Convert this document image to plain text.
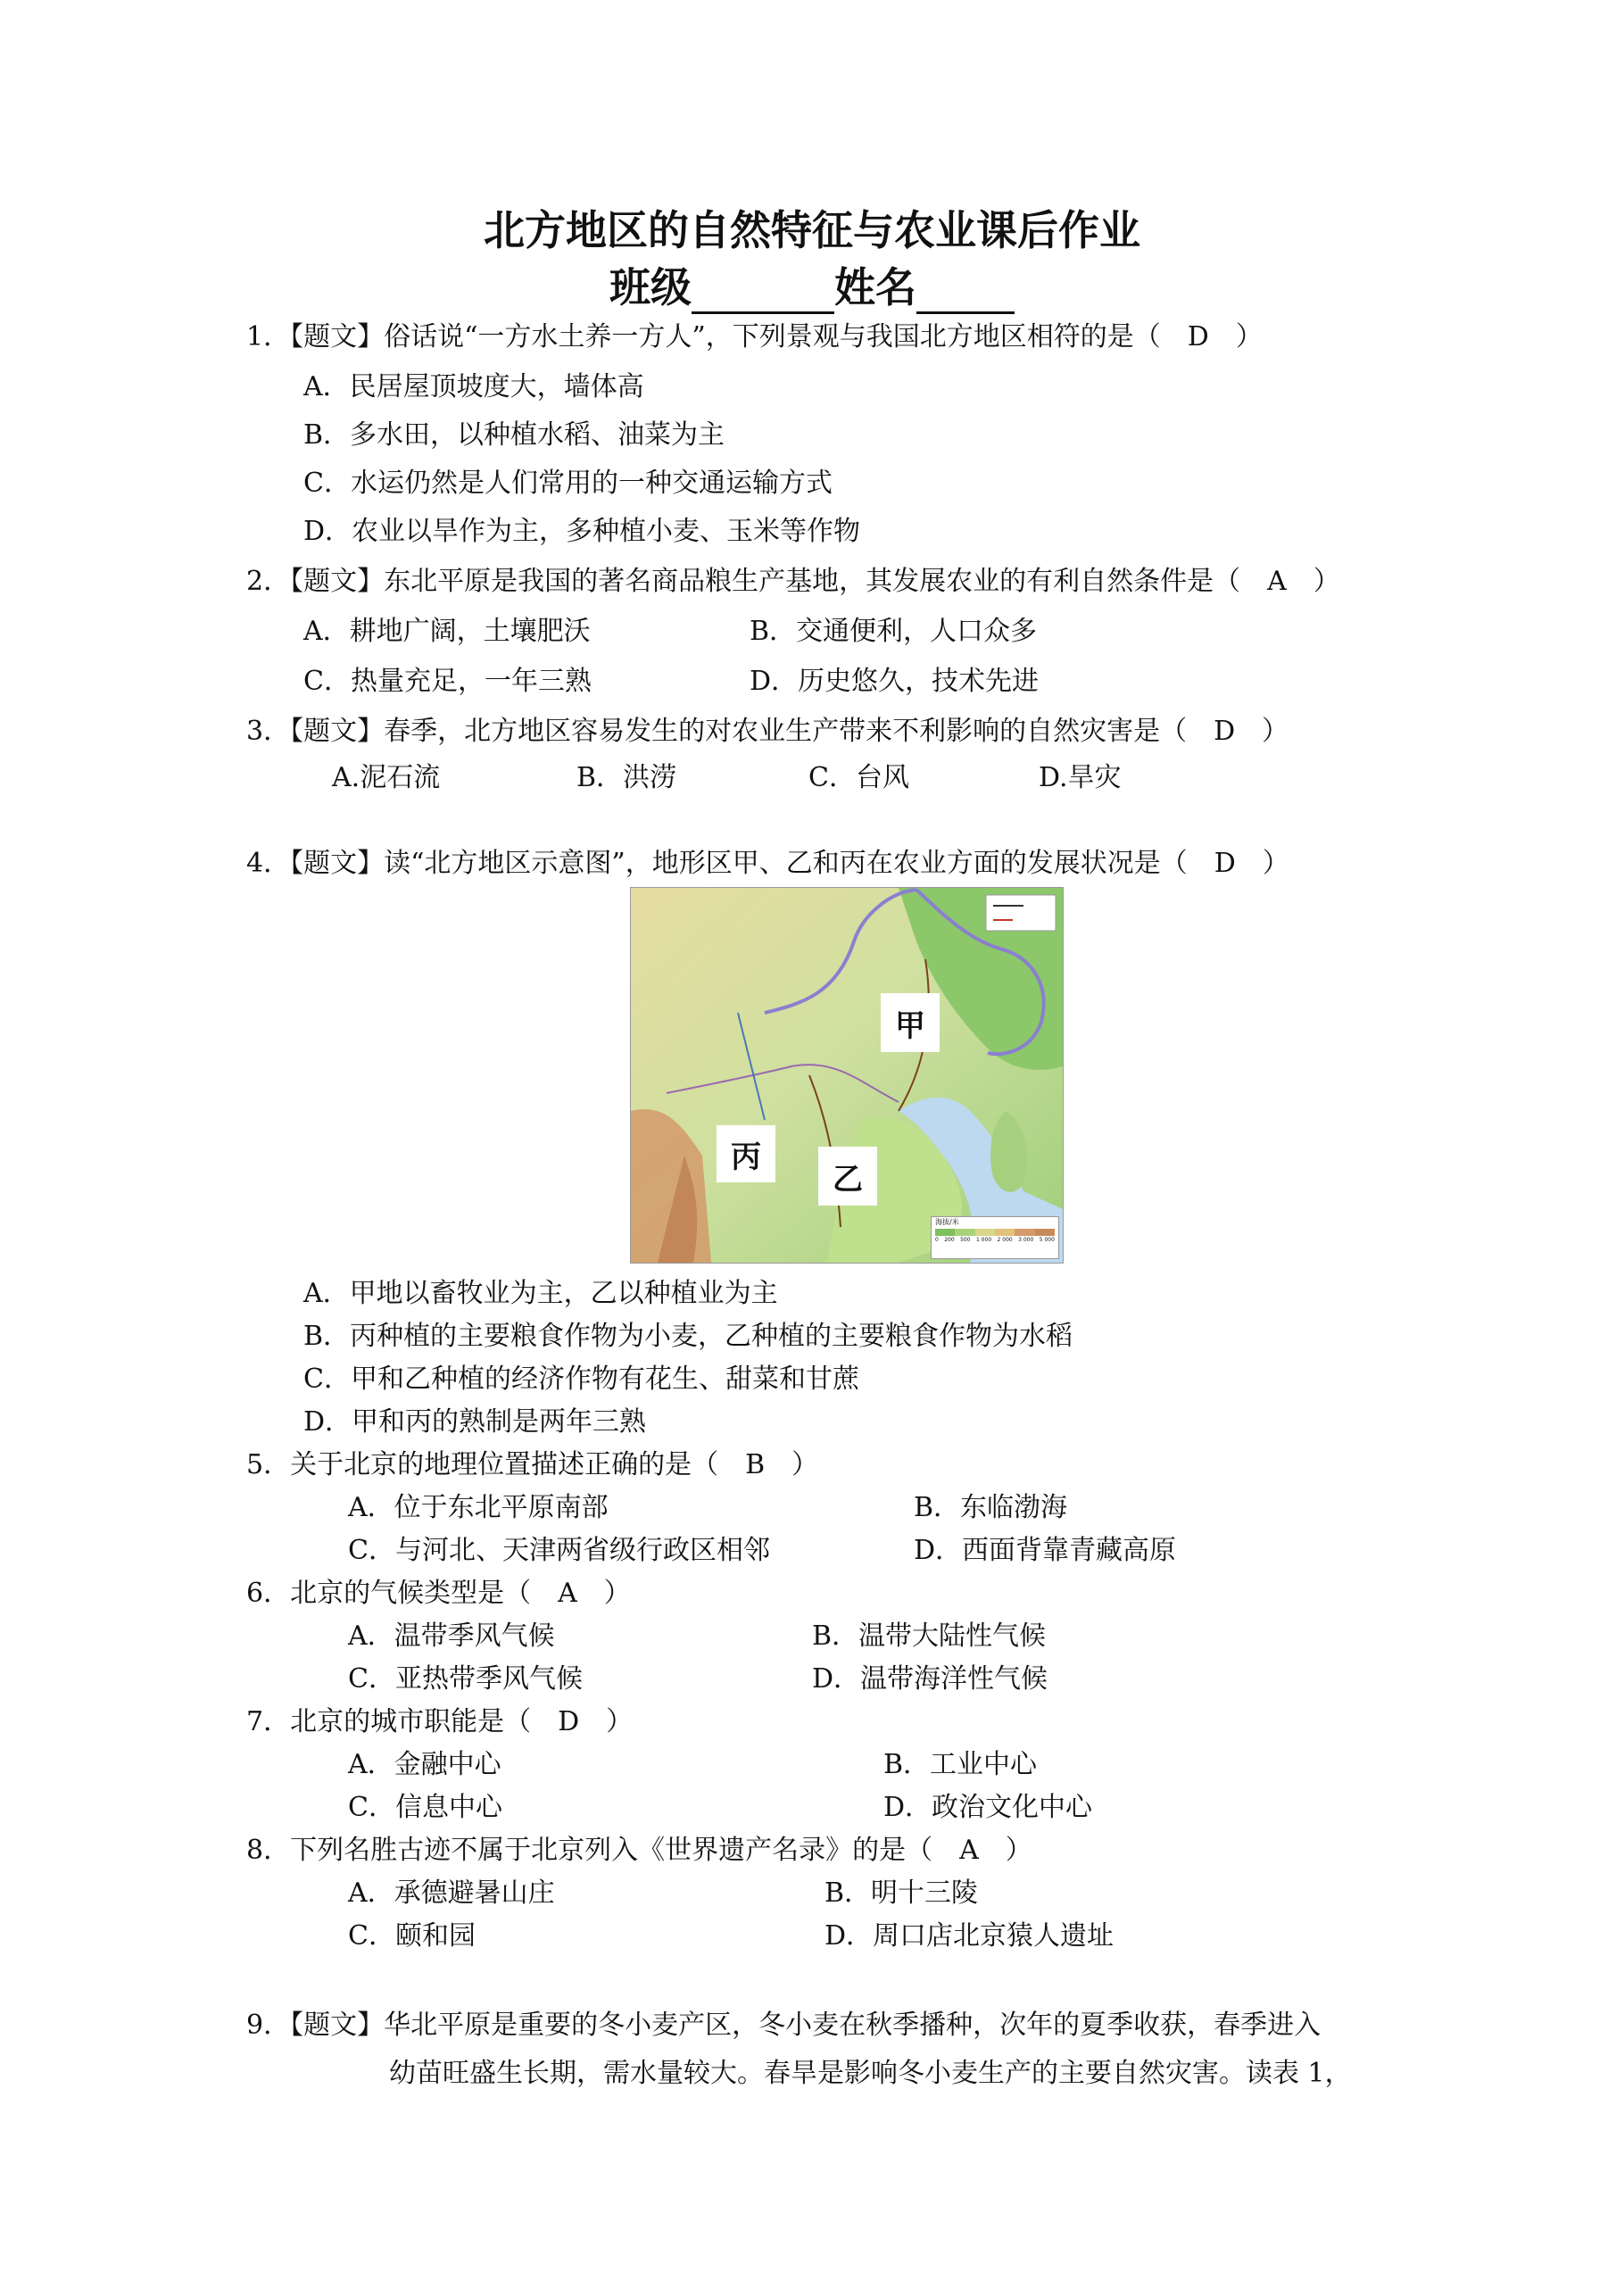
北方地区的自然特征与农业课后作业
班级	姓名
1．【题文】俗话说“一方水土养一方人”，下列景观与我国北方地区相符的是（　D　）
A．民居屋顶坡度大，墙体高
B．多水田，以种植水稻、油菜为主
C．水运仍然是人们常用的一种交通运输方式
D．农业以旱作为主，多种植小麦、玉米等作物
2．【题文】东北平原是我国的著名商品粮生产基地，其发展农业的有利自然条件是（　A　）
A．耕地广阔，土壤肥沃	B．交通便利，人口众多
C．热量充足，一年三熟	D．历史悠久，技术先进
3．【题文】春季，北方地区容易发生的对农业生产带来不利影响的自然灾害是（　D　）
A.泥石流	B．洪涝	C．台风	D.旱灾
4．【题文】读“北方地区示意图”，地形区甲、乙和丙在农业方面的发展状况是（　D　）
甲
乙
丙
海拔/米
0 200 500 1 000 2 000 3 000 5 000
A．甲地以畜牧业为主，乙以种植业为主
B．丙种植的主要粮食作物为小麦，乙种植的主要粮食作物为水稻
C．甲和乙种植的经济作物有花生、甜菜和甘蔗
D．甲和丙的熟制是两年三熟
5．关于北京的地理位置描述正确的是（　B　）
A．位于东北平原南部	B．东临渤海
C．与河北、天津两省级行政区相邻	D．西面背靠青藏高原
6．北京的气候类型是（　A　）
A．温带季风气候	B．温带大陆性气候
C．亚热带季风气候	D．温带海洋性气候
7．北京的城市职能是（　D　）
A．金融中心	B．工业中心
C．信息中心	D．政治文化中心
8．下列名胜古迹不属于北京列入《世界遗产名录》的是（　A　）
A．承德避暑山庄	B．明十三陵
C．颐和园	D．周口店北京猿人遗址
9．【题文】华北平原是重要的冬小麦产区，冬小麦在秋季播种，次年的夏季收获，春季进入
幼苗旺盛生长期，需水量较大。春旱是影响冬小麦生产的主要自然灾害。读表 1，
